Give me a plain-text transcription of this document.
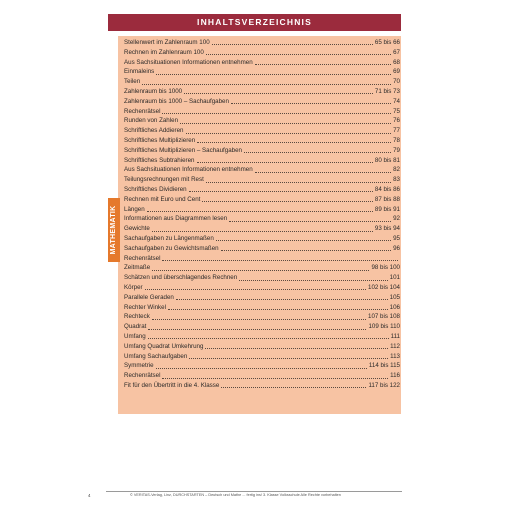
INHALTSVERZEICHNIS
MATHEMATIK
Stellenwert im Zahlenraum 100	65 bis 66
Rechnen im Zahlenraum 100	67
Aus Sachsituationen Informationen entnehmen	68
Einmaleins	69
Teilen	70
Zahlenraum bis 1000	71 bis 73
Zahlenraum bis 1000 – Sachaufgaben	74
Rechenrätsel	75
Runden von Zahlen	76
Schriftliches Addieren	77
Schriftliches Multiplizieren	78
Schriftliches Multiplizieren – Sachaufgaben	79
Schriftliches Subtrahieren	80 bis 81
Aus Sachsituationen Informationen entnehmen	82
Teilungsrechnungen mit Rest	83
Schriftliches Dividieren	84 bis 86
Rechnen mit Euro und Cent	87 bis 88
Längen	89 bis 91
Informationen aus Diagrammen lesen	92
Gewichte	93 bis 94
Sachaufgaben zu Längenmaßen	95
Sachaufgaben zu Gewichtsmaßen	96
Rechenrätsel
Zeitmaße	98 bis 100
Schätzen und überschlagendes Rechnen	101
Körper	102 bis 104
Parallele Geraden	105
Rechter Winkel	106
Rechteck	107 bis 108
Quadrat	109 bis 110
Umfang	111
Umfang Quadrat Umkehrung	112
Umfang Sachaufgaben	113
Symmetrie	114 bis 115
Rechenrätsel	116
Fit für den Übertritt in die 4. Klasse	117 bis 122
4	© VERITAS-Verlag, Linz, DURCHSTARTEN – Deutsch und Mathe ... fertig ins! 3. Klasse Volksschule Alle Rechte vorbehalten
